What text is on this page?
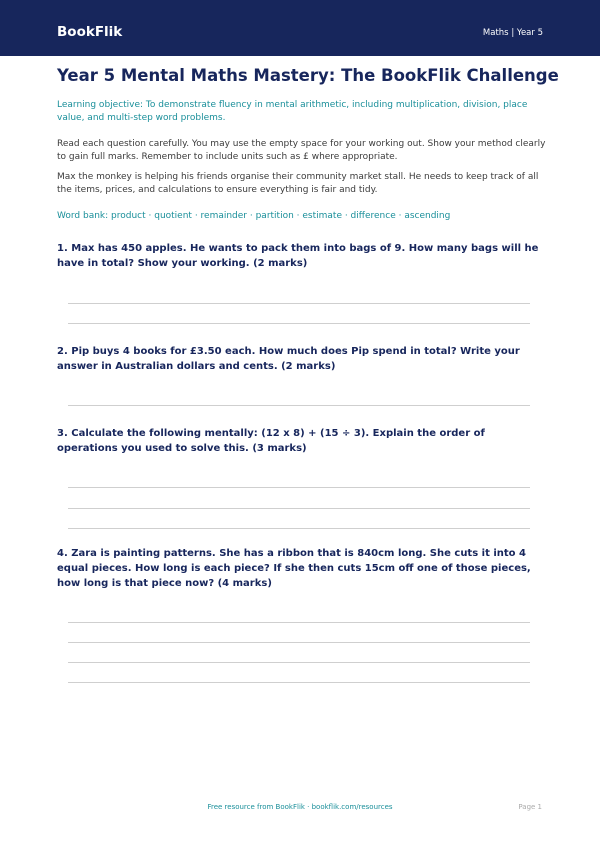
BookFlik	Maths | Year 5
Year 5 Mental Maths Mastery: The BookFlik Challenge

Learning objective: To demonstrate fluency in mental arithmetic, including multiplication, division, place value, and multi-step word problems.

Read each question carefully. You may use the empty space for your working out. Show your method clearly to gain full marks. Remember to include units such as £ where appropriate.

Max the monkey is helping his friends organise their community market stall. He needs to keep track of all the items, prices, and calculations to ensure everything is fair and tidy.

Word bank: product · quotient · remainder · partition · estimate · difference · ascending

1. Max has 450 apples. He wants to pack them into bags of 9. How many bags will he have in total? Show your working. (2 marks)

2. Pip buys 4 books for £3.50 each. How much does Pip spend in total? Write your answer in Australian dollars and cents. (2 marks)

3. Calculate the following mentally: (12 x 8) + (15 ÷ 3). Explain the order of operations you used to solve this. (3 marks)

4. Zara is painting patterns. She has a ribbon that is 840cm long. She cuts it into 4 equal pieces. How long is each piece? If she then cuts 15cm off one of those pieces, how long is that piece now? (4 marks)

Free resource from BookFlik · bookflik.com/resources	Page 1
